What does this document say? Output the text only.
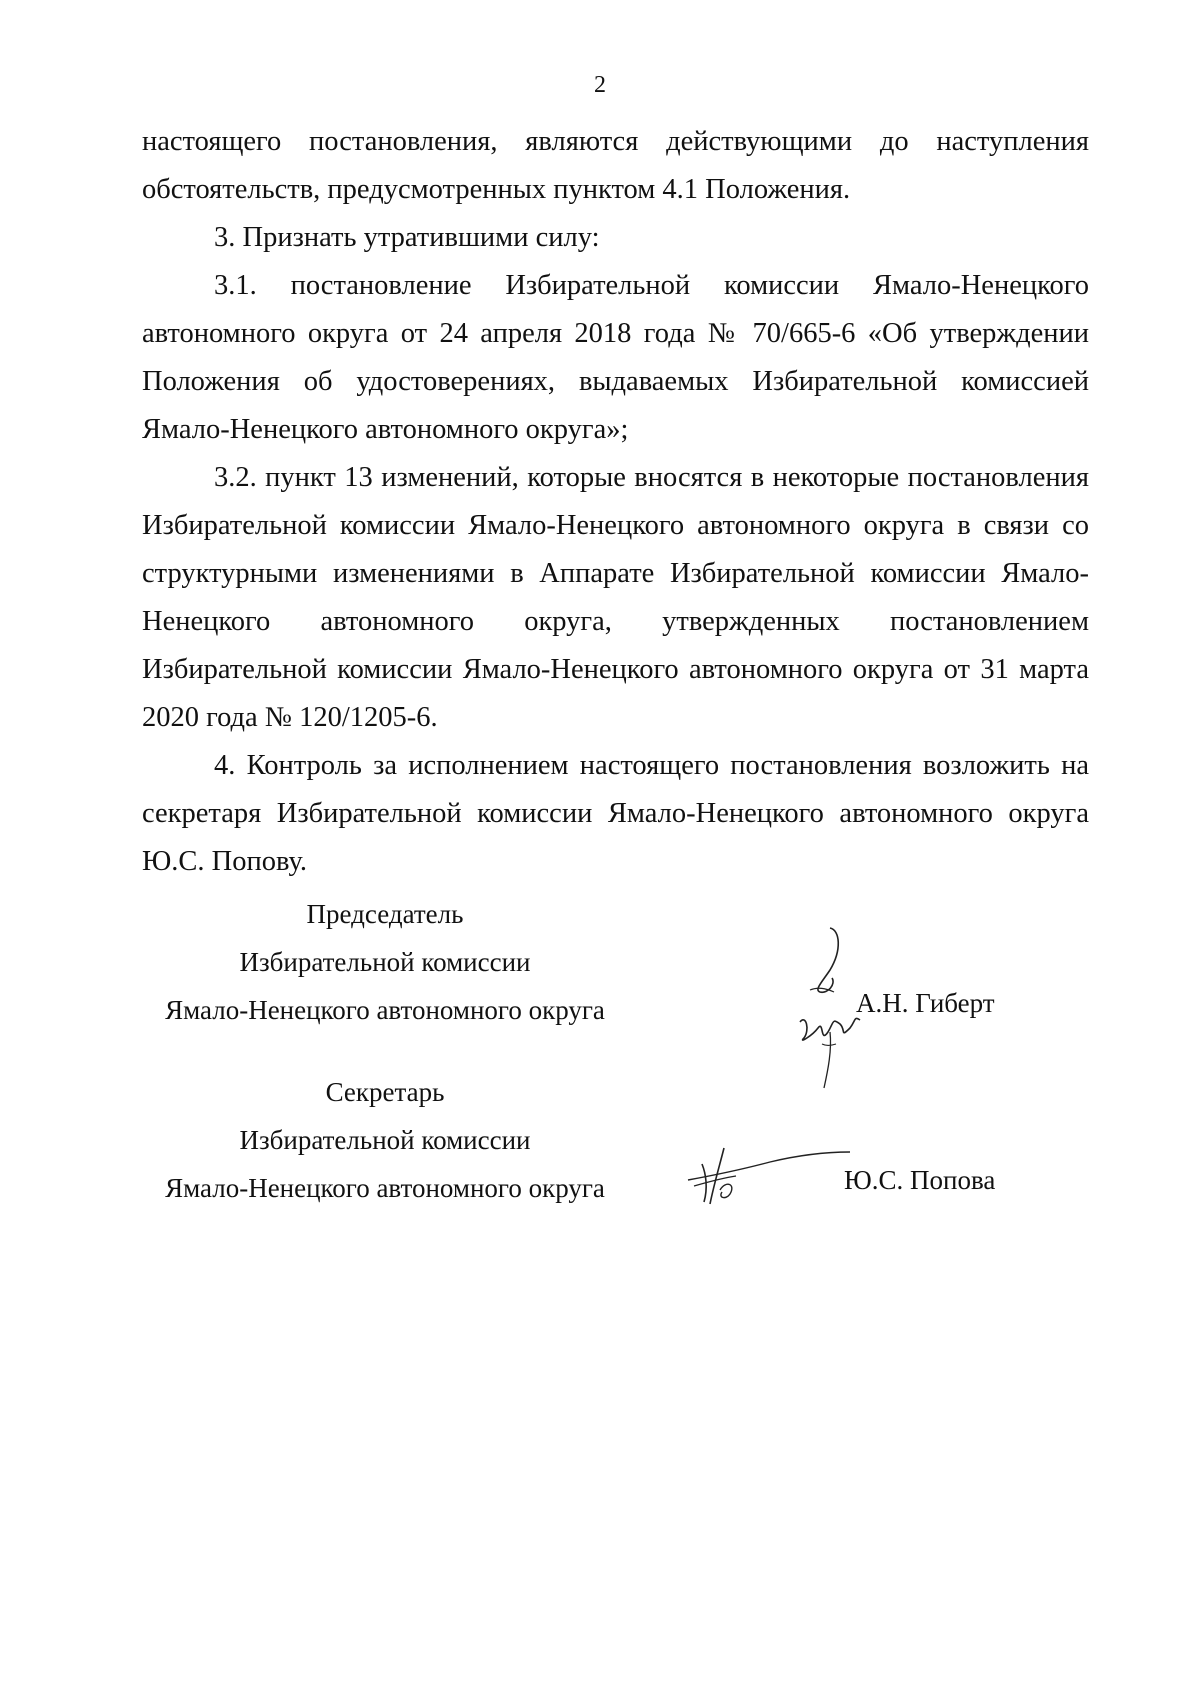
2

настоящего постановления, являются действующими до наступления обстоятельств, предусмотренных пунктом 4.1 Положения.

3. Признать утратившими силу:

3.1. постановление Избирательной комиссии Ямало-Ненецкого автономного округа от 24 апреля 2018 года № 70/665-6 «Об утверждении Положения об удостоверениях, выдаваемых Избирательной комиссией Ямало-Ненецкого автономного округа»;

3.2. пункт 13 изменений, которые вносятся в некоторые постановления Избирательной комиссии Ямало-Ненецкого автономного округа в связи со структурными изменениями в Аппарате Избирательной комиссии Ямало-Ненецкого автономного округа, утвержденных постановлением Избирательной комиссии Ямало-Ненецкого автономного округа от 31 марта 2020 года № 120/1205-6.

4. Контроль за исполнением настоящего постановления возложить на секретаря Избирательной комиссии Ямало-Ненецкого автономного округа Ю.С. Попову.

Председатель
Избирательной комиссии
Ямало-Ненецкого автономного округа	А.Н. Гиберт
Секретарь
Избирательной комиссии
Ямало-Ненецкого автономного округа	Ю.С. Попова
